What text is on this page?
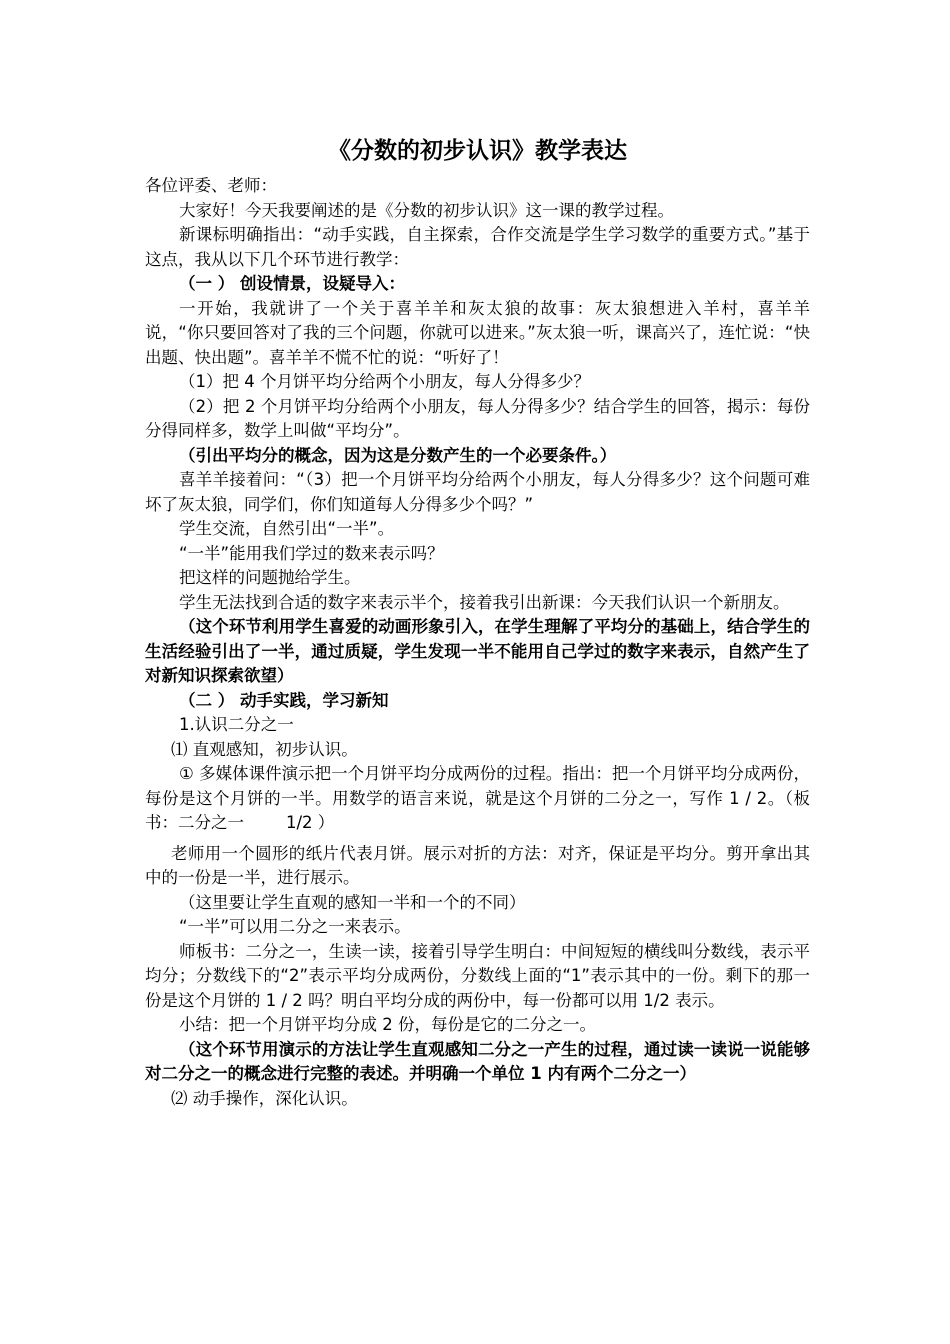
《分数的初步认识》教学表达

各位评委、老师：

大家好！今天我要阐述的是《分数的初步认识》这一课的教学过程。

新课标明确指出：“动手实践，自主探索，合作交流是学生学习数学的重要方式。”基于这点，我从以下几个环节进行教学：

（一 ） 创设情景，设疑导入：

一开始，我就讲了一个关于喜羊羊和灰太狼的故事：灰太狼想进入羊村，喜羊羊说，“你只要回答对了我的三个问题，你就可以进来。”灰太狼一听，课高兴了，连忙说：“快出题、快出题”。喜羊羊不慌不忙的说：“听好了！

（1）把 4 个月饼平均分给两个小朋友，每人分得多少？

（2）把 2 个月饼平均分给两个小朋友，每人分得多少？结合学生的回答，揭示：每份分得同样多，数学上叫做“平均分”。

（引出平均分的概念，因为这是分数产生的一个必要条件。）

喜羊羊接着问：“（3）把一个月饼平均分给两个小朋友，每人分得多少？这个问题可难坏了灰太狼，同学们，你们知道每人分得多少个吗？”

学生交流，自然引出“一半”。

“一半”能用我们学过的数来表示吗？

把这样的问题抛给学生。

学生无法找到合适的数字来表示半个，接着我引出新课：今天我们认识一个新朋友。

（这个环节利用学生喜爱的动画形象引入，在学生理解了平均分的基础上，结合学生的生活经验引出了一半，通过质疑，学生发现一半不能用自己学过的数字来表示，自然产生了对新知识探索欲望）

（二 ） 动手实践，学习新知

1.认识二分之一

⑴ 直观感知，初步认识。

① 多媒体课件演示把一个月饼平均分成两份的过程。指出：把一个月饼平均分成两份，每份是这个月饼的一半。用数学的语言来说，就是这个月饼的二分之一，写作 1 / 2。（板书：二分之一        1/2 ）

老师用一个圆形的纸片代表月饼。展示对折的方法：对齐，保证是平均分。剪开拿出其中的一份是一半，进行展示。

（这里要让学生直观的感知一半和一个的不同）

“一半”可以用二分之一来表示。

师板书：二分之一，生读一读，接着引导学生明白：中间短短的横线叫分数线，表示平均分；分数线下的“2”表示平均分成两份，分数线上面的“1”表示其中的一份。剩下的那一份是这个月饼的 1 / 2 吗？明白平均分成的两份中，每一份都可以用 1/2 表示。

小结：把一个月饼平均分成 2 份，每份是它的二分之一。

（这个环节用演示的方法让学生直观感知二分之一产生的过程，通过读一读说一说能够对二分之一的概念进行完整的表述。并明确一个单位 1 内有两个二分之一）

⑵ 动手操作，深化认识。
